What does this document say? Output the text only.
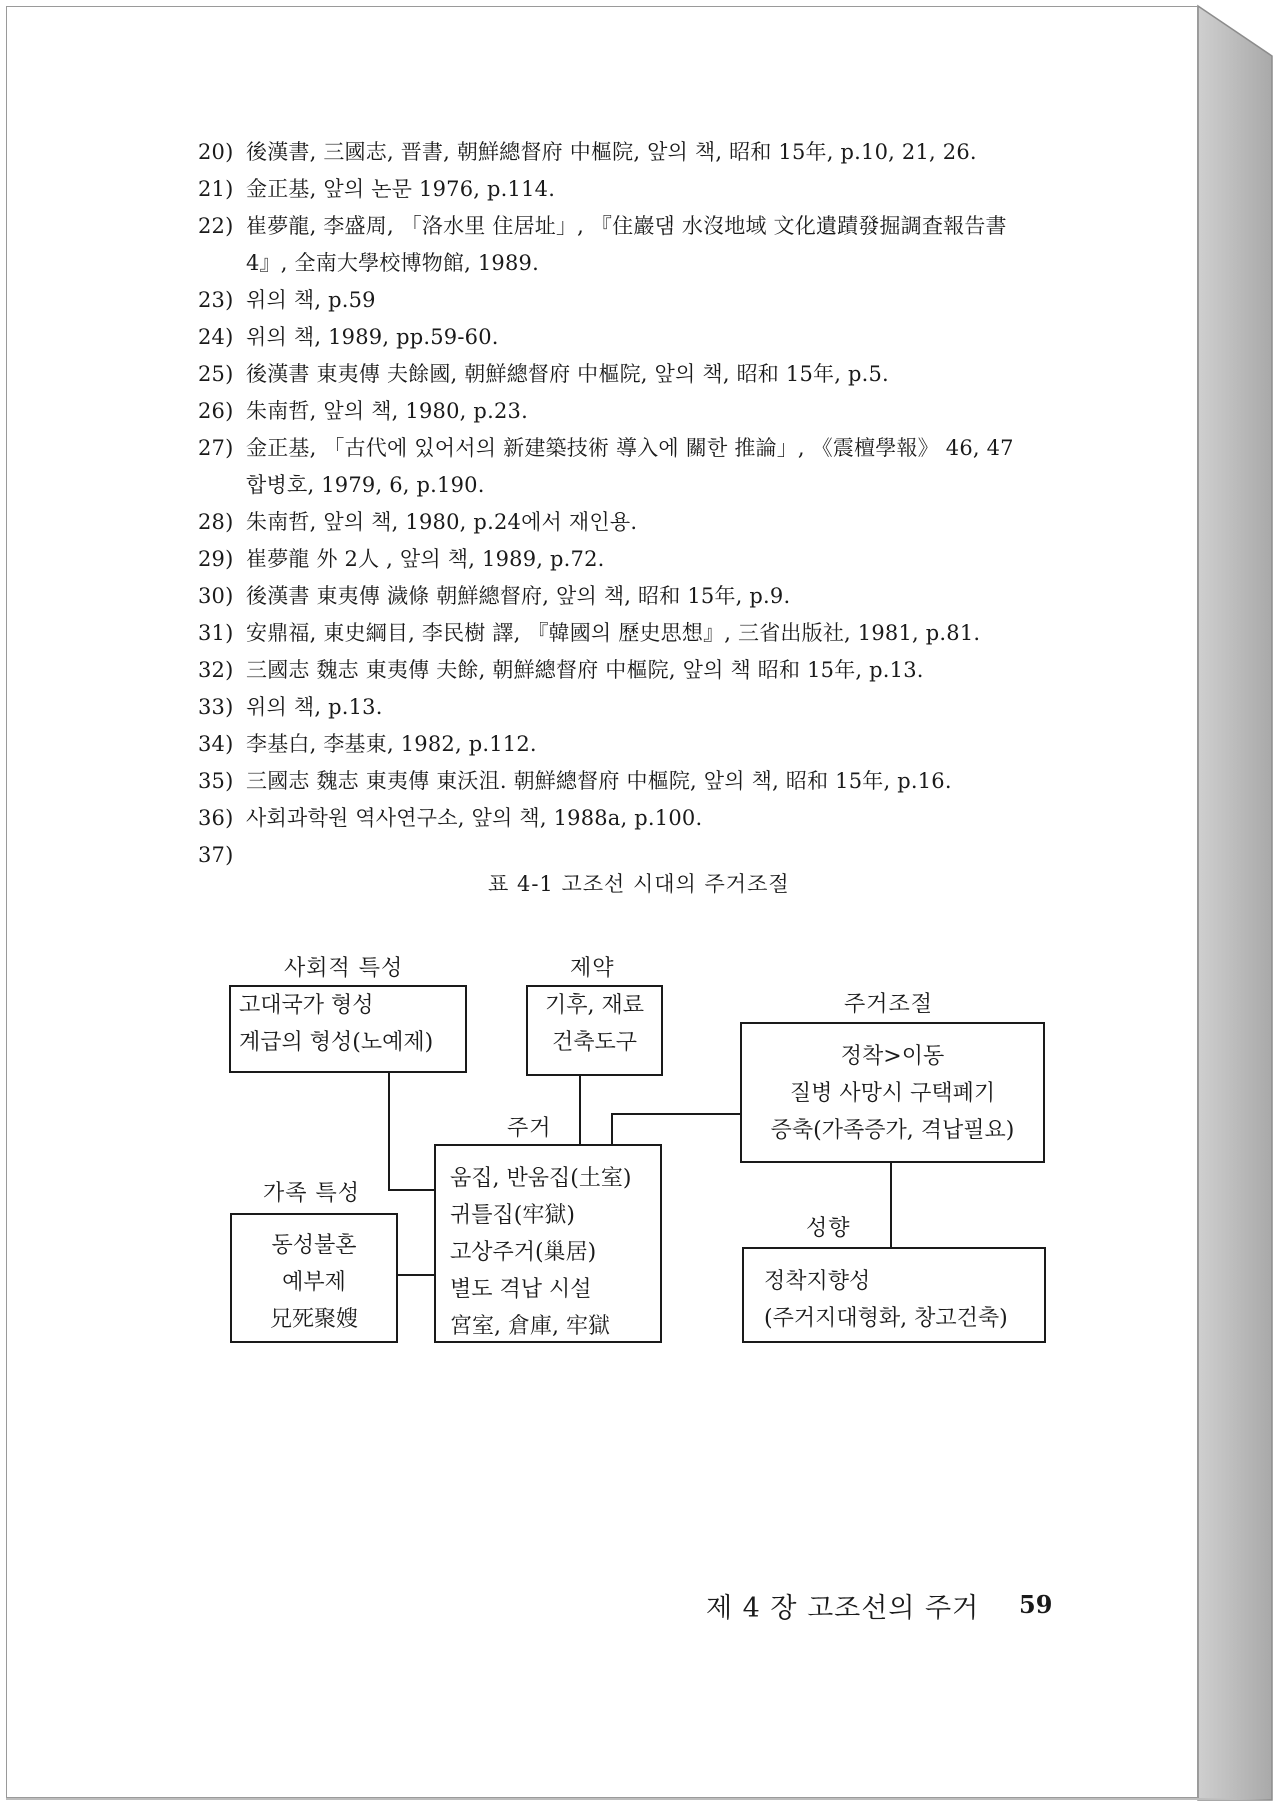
20) 後漢書, 三國志, 晋書, 朝鮮總督府 中樞院, 앞의 책, 昭和 15年, p.10, 21, 26.
21) 金正基, 앞의 논문 1976, p.114.
22) 崔夢龍, 李盛周, 「洛水里 住居址」, 『住巖댐 水沒地域 文化遺蹟發掘調査報告書
4』, 全南大學校博物館, 1989.
23) 위의 책, p.59
24) 위의 책, 1989, pp.59-60.
25) 後漢書 東夷傳 夫餘國, 朝鮮總督府 中樞院, 앞의 책, 昭和 15年, p.5.
26) 朱南哲, 앞의 책, 1980, p.23.
27) 金正基, 「古代에 있어서의 新建築技術 導入에 關한 推論」, 《震檀學報》 46, 47
합병호, 1979, 6, p.190.
28) 朱南哲, 앞의 책, 1980, p.24에서 재인용.
29) 崔夢龍 外 2人 , 앞의 책, 1989, p.72.
30) 後漢書 東夷傳 濊條 朝鮮總督府, 앞의 책, 昭和 15年, p.9.
31) 安鼎福, 東史綱目, 李民樹 譯, 『韓國의 歷史思想』, 三省出版社, 1981, p.81.
32) 三國志 魏志 東夷傳 夫餘, 朝鮮總督府 中樞院, 앞의 책 昭和 15年, p.13.
33) 위의 책, p.13.
34) 李基白, 李基東, 1982, p.112.
35) 三國志 魏志 東夷傳 東沃沮. 朝鮮總督府 中樞院, 앞의 책, 昭和 15年, p.16.
36) 사회과학원 역사연구소, 앞의 책, 1988a, p.100.
37)
표 4-1 고조선 시대의 주거조절
사회적 특성
고대국가 형성
계급의 형성(노예제)
제약
기후, 재료
건축도구
주거조절
정착>이동
질병 사망시 구택폐기
증축(가족증가, 격납필요)
주거
움집, 반움집(土室)
귀틀집(牢獄)
고상주거(巢居)
별도 격납 시설
宮室, 倉庫, 牢獄
가족 특성
동성불혼
예부제
兄死聚嫂
성향
정착지향성
(주거지대형화, 창고건축)
제 4 장 고조선의 주거 59
